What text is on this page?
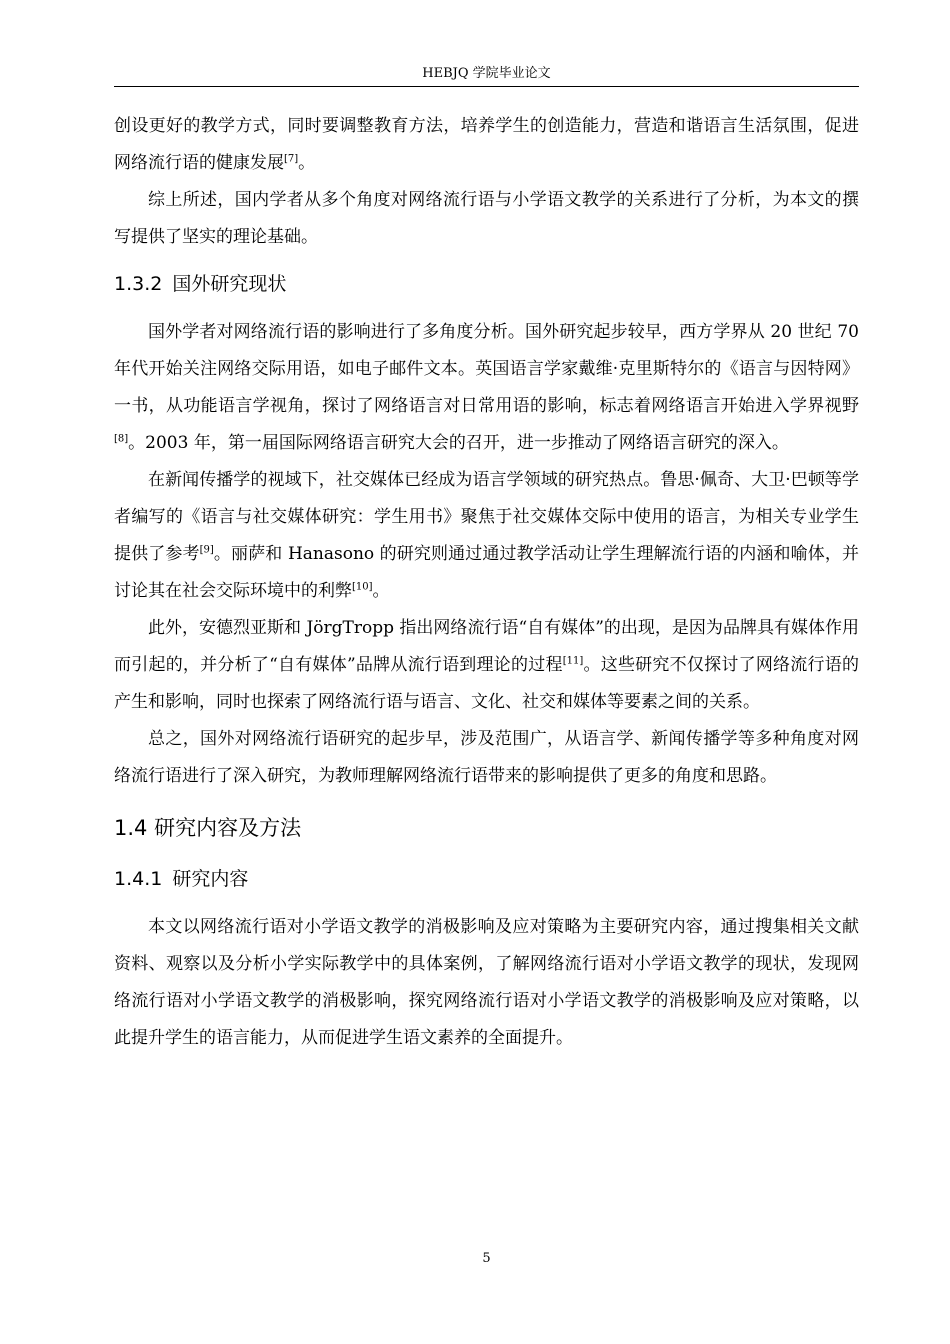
HEBJQ 学院毕业论文

创设更好的教学方式，同时要调整教育方法，培养学生的创造能力，营造和谐语言生活氛围，促进网络流行语的健康发展[7]。

综上所述，国内学者从多个角度对网络流行语与小学语文教学的关系进行了分析，为本文的撰写提供了坚实的理论基础。

1.3.2 国外研究现状

国外学者对网络流行语的影响进行了多角度分析。国外研究起步较早，西方学界从 20 世纪 70 年代开始关注网络交际用语，如电子邮件文本。英国语言学家戴维·克里斯特尔的《语言与因特网》一书，从功能语言学视角，探讨了网络语言对日常用语的影响，标志着网络语言开始进入学界视野[8]。2003 年，第一届国际网络语言研究大会的召开，进一步推动了网络语言研究的深入。

在新闻传播学的视域下，社交媒体已经成为语言学领域的研究热点。鲁思·佩奇、大卫·巴顿等学者编写的《语言与社交媒体研究：学生用书》聚焦于社交媒体交际中使用的语言，为相关专业学生提供了参考[9]。丽萨和 Hanasono 的研究则通过通过教学活动让学生理解流行语的内涵和喻体，并讨论其在社会交际环境中的利弊[10]。

此外，安德烈亚斯和 JörgTropp 指出网络流行语“自有媒体”的出现，是因为品牌具有媒体作用而引起的，并分析了“自有媒体”品牌从流行语到理论的过程[11]。这些研究不仅探讨了网络流行语的产生和影响，同时也探索了网络流行语与语言、文化、社交和媒体等要素之间的关系。

总之，国外对网络流行语研究的起步早，涉及范围广，从语言学、新闻传播学等多种角度对网络流行语进行了深入研究，为教师理解网络流行语带来的影响提供了更多的角度和思路。

1.4 研究内容及方法
1.4.1 研究内容

本文以网络流行语对小学语文教学的消极影响及应对策略为主要研究内容，通过搜集相关文献资料、观察以及分析小学实际教学中的具体案例，了解网络流行语对小学语文教学的现状，发现网络流行语对小学语文教学的消极影响，探究网络流行语对小学语文教学的消极影响及应对策略，以此提升学生的语言能力，从而促进学生语文素养的全面提升。

5
